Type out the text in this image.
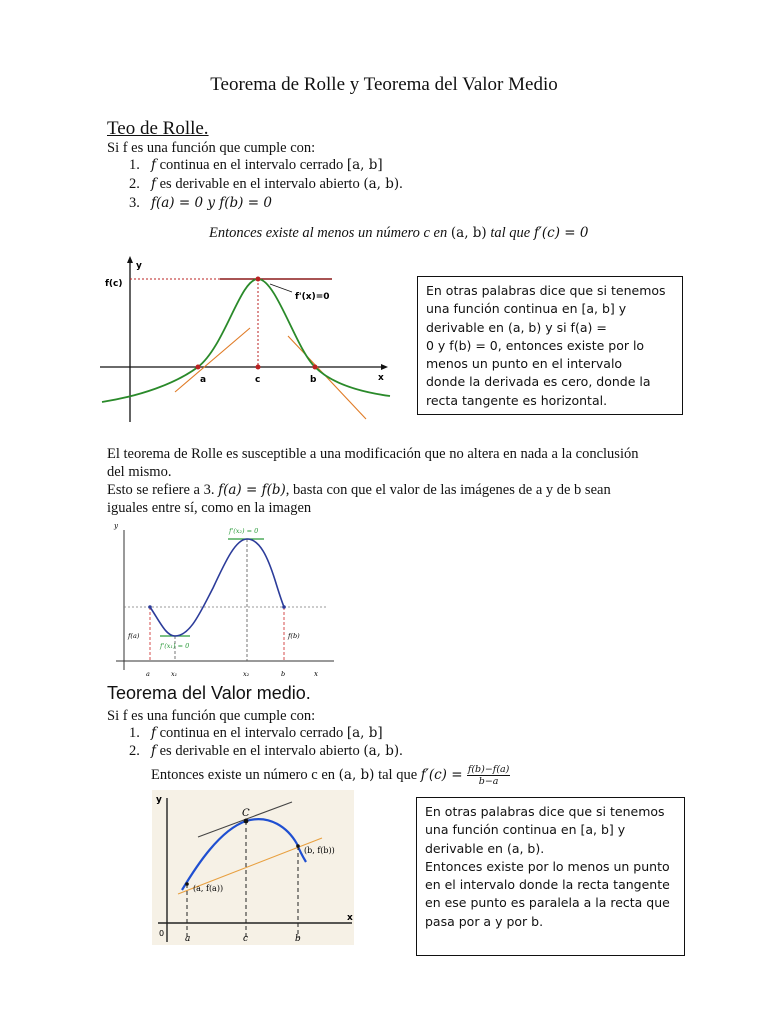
Teorema de Rolle y Teorema del Valor Medio
Teo de Rolle.
Si f es una función que cumple con:
1. f continua en el intervalo cerrado [a, b]
2. f es derivable en el intervalo abierto (a, b).
3. f(a) = 0 y f(b) = 0
Entonces existe al menos un número c en (a, b) tal que f′(c) = 0
y
x
f(c)
f'(x)=0
a	c	b
En otras palabras dice que si tenemos
una función continua en [a, b] y
derivable en (a, b) y si f(a) =
0 y f(b) = 0, entonces existe por lo
menos un punto en el intervalo
donde la derivada es cero, donde la
recta tangente es horizontal.
El teorema de Rolle es susceptible a una modificación que no altera en nada a la conclusión
del mismo.
Esto se refiere a 3. f(a) = f(b), basta con que el valor de las imágenes de a y de b sean
iguales entre sí, como en la imagen
y
x
f(a)	f(b)
f'(x₂) = 0
f'(x₁) = 0
a	x₁	x₂	b
Teorema del Valor medio.
Si f es una función que cumple con:
1. f continua en el intervalo cerrado [a, b]
2. f es derivable en el intervalo abierto (a, b).
Entonces existe un número c en (a, b) tal que $f'(c) = \frac{f(b)-f(a)}{b-a}$
y
x
0
C
(a, f(a))
(b, f(b))
a	c	b
En otras palabras dice que si tenemos
una función continua en [a, b] y
derivable en (a, b).
Entonces existe por lo menos un punto
en el intervalo donde la recta tangente
en ese punto es paralela a la recta que
pasa por a y por b.
